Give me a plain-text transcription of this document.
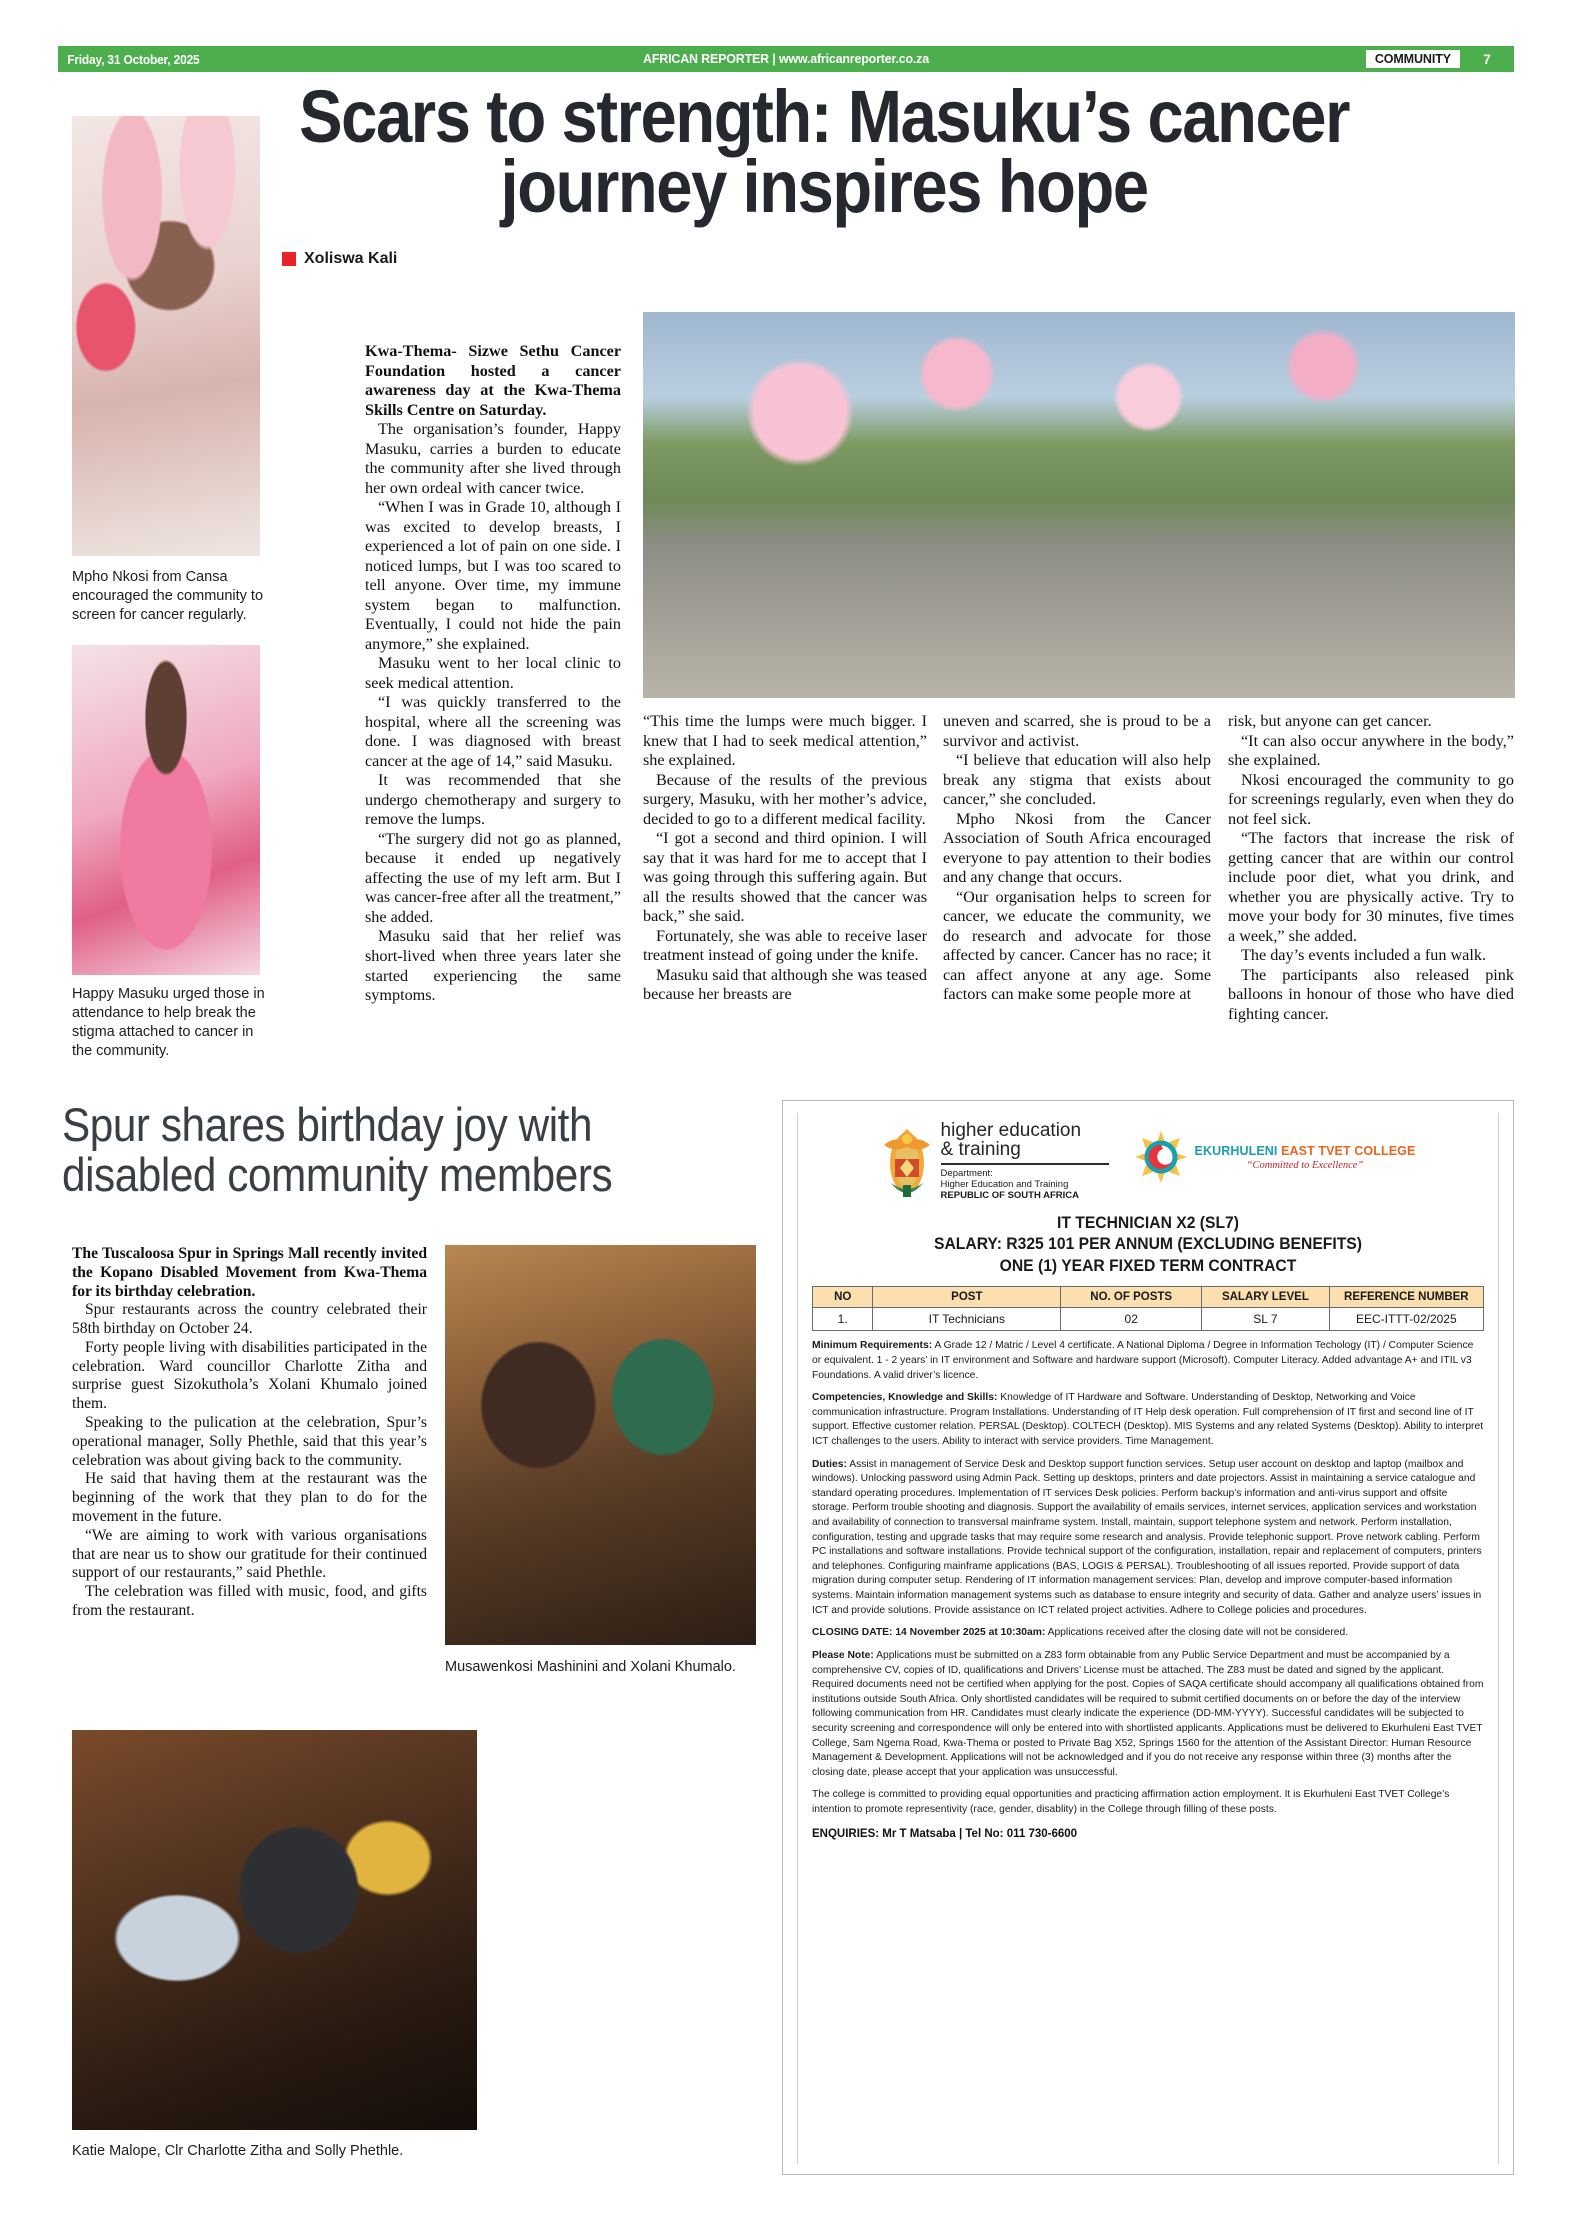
Friday, 31 October, 2025	AFRICAN REPORTER | www.africanreporter.co.za	COMMUNITY	7
Scars to strength: Masuku’s cancer journey inspires hope
Xoliswa Kali
Mpho Nkosi from Cansa encouraged the community to screen for cancer regularly.
Happy Masuku urged those in attendance to help break the stigma attached to cancer in the community.

Kwa-Thema- Sizwe Sethu Cancer Foundation hosted a cancer awareness day at the Kwa-Thema Skills Centre on Saturday.

The organisation’s founder, Happy Masuku, carries a burden to educate the community after she lived through her own ordeal with cancer twice.

“When I was in Grade 10, although I was excited to develop breasts, I experienced a lot of pain on one side. I noticed lumps, but I was too scared to tell anyone. Over time, my immune system began to malfunction. Eventually, I could not hide the pain anymore,” she explained.

Masuku went to her local clinic to seek medical attention.

“I was quickly transferred to the hospital, where all the screening was done. I was diagnosed with breast cancer at the age of 14,” said Masuku.

It was recommended that she undergo chemotherapy and surgery to remove the lumps.

“The surgery did not go as planned, because it ended up negatively affecting the use of my left arm. But I was cancer-free after all the treatment,” she added.

Masuku said that her relief was short-lived when three years later she started experiencing the same symptoms.

“This time the lumps were much bigger. I knew that I had to seek medical attention,” she explained.

Because of the results of the previous surgery, Masuku, with her mother’s advice, decided to go to a different medical facility.

“I got a second and third opinion. I will say that it was hard for me to accept that I was going through this suffering again. But all the results showed that the cancer was back,” she said.

Fortunately, she was able to receive laser treatment instead of going under the knife.

Masuku said that although she was teased because her breasts are

uneven and scarred, she is proud to be a survivor and activist.

“I believe that education will also help break any stigma that exists about cancer,” she concluded.

Mpho Nkosi from the Cancer Association of South Africa encouraged everyone to pay attention to their bodies and any change that occurs.

“Our organisation helps to screen for cancer, we educate the community, we do research and advocate for those affected by cancer. Cancer has no race; it can affect anyone at any age. Some factors can make some people more at

risk, but anyone can get cancer.

“It can also occur anywhere in the body,” she explained.

Nkosi encouraged the community to go for screenings regularly, even when they do not feel sick.

“The factors that increase the risk of getting cancer that are within our control include poor diet, what you drink, and whether you are physically active. Try to move your body for 30 minutes, five times a week,” she added.

The day’s events included a fun walk.

The participants also released pink balloons in honour of those who have died fighting cancer.

Spur shares birthday joy with disabled community members

The Tuscaloosa Spur in Springs Mall recently invited the Kopano Disabled Movement from Kwa-Thema for its birthday celebration.

Spur restaurants across the country celebrated their 58th birthday on October 24.

Forty people living with disabilities participated in the celebration. Ward councillor Charlotte Zitha and surprise guest Sizokuthola’s Xolani Khumalo joined them.

Speaking to the pulication at the celebration, Spur’s operational manager, Solly Phethle, said that this year’s celebration was about giving back to the community.

He said that having them at the restaurant was the beginning of the work that they plan to do for the movement in the future.

“We are aiming to work with various organisations that are near us to show our gratitude for their continued support of our restaurants,” said Phethle.

The celebration was filled with music, food, and gifts from the restaurant.

Musawenkosi Mashinini and Xolani Khumalo.
Katie Malope, Clr Charlotte Zitha and Solly Phethle.
higher education
& training
Department:
Higher Education and Training
REPUBLIC OF SOUTH AFRICA
EKURHULENI EAST TVET COLLEGE
“Committed to Excellence”
IT TECHNICIAN X2 (SL7)
SALARY: R325 101 PER ANNUM (EXCLUDING BENEFITS)
ONE (1) YEAR FIXED TERM CONTRACT
NO	POST	NO. OF POSTS	SALARY LEVEL	REFERENCE NUMBER
1.	IT Technicians	02	SL 7	EEC-ITTT-02/2025

Minimum Requirements: A Grade 12 / Matric / Level 4 certificate. A National Diploma / Degree in Information Techology (IT) / Computer Science or equivalent. 1 - 2 years’ in IT environment and Software and hardware support (Microsoft). Computer Literacy. Added advantage A+ and ITIL v3 Foundations. A valid driver’s licence.

Competencies, Knowledge and Skills: Knowledge of IT Hardware and Software. Understanding of Desktop, Networking and Voice communication infrastructure. Program Installations. Understanding of IT Help desk operation. Full comprehension of IT first and second line of IT support. Effective customer relation. PERSAL (Desktop). COLTECH (Desktop). MIS Systems and any related Systems (Desktop). Ability to interpret ICT challenges to the users. Ability to interact with service providers. Time Management.

Duties: Assist in management of Service Desk and Desktop support function services. Setup user account on desktop and laptop (mailbox and windows). Unlocking password using Admin Pack. Setting up desktops, printers and date projectors. Assist in maintaining a service catalogue and standard operating procedures. Implementation of IT services Desk policies. Perform backup’s information and anti-virus support and offsite storage. Perform trouble shooting and diagnosis. Support the availability of emails services, internet services, application services and workstation and availability of connection to transversal mainframe system. Install, maintain, support telephone system and network. Perform installation, configuration, testing and upgrade tasks that may require some research and analysis. Provide telephonic support. Prove network cabling. Perform PC installations and software installations. Provide technical support of the configuration, installation, repair and replacement of computers, printers and telephones. Configuring mainframe applications (BAS, LOGIS & PERSAL). Troubleshooting of all issues reported. Provide support of data migration during computer setup. Rendering of IT information management services: Plan, develop and improve computer-based information systems. Maintain information management systems such as database to ensure integrity and security of data. Gather and analyze users’ issues in ICT and provide solutions. Provide assistance on ICT related project activities. Adhere to College policies and procedures.

CLOSING DATE: 14 November 2025 at 10:30am: Applications received after the closing date will not be considered.

Please Note: Applications must be submitted on a Z83 form obtainable from any Public Service Department and must be accompanied by a comprehensive CV, copies of ID, qualifications and Drivers’ License must be attached. The Z83 must be dated and signed by the applicant. Required documents need not be certified when applying for the post. Copies of SAQA certificate should accompany all qualifications obtained from institutions outside South Africa. Only shortlisted candidates will be required to submit certified documents on or before the day of the interview following communication from HR. Candidates must clearly indicate the experience (DD-MM-YYYY). Successful candidates will be subjected to security screening and correspondence will only be entered into with shortlisted applicants. Applications must be delivered to Ekurhuleni East TVET College, Sam Ngema Road, Kwa-Thema or posted to Private Bag X52, Springs 1560 for the attention of the Assistant Director: Human Resource Management & Development. Applications will not be acknowledged and if you do not receive any response within three (3) months after the closing date, please accept that your application was unsuccessful.

The college is committed to providing equal opportunities and practicing affirmation action employment. It is Ekurhuleni East TVET College’s intention to promote representivity (race, gender, disablity) in the College through filling of these posts.

ENQUIRIES: Mr T Matsaba | Tel No: 011 730-6600
